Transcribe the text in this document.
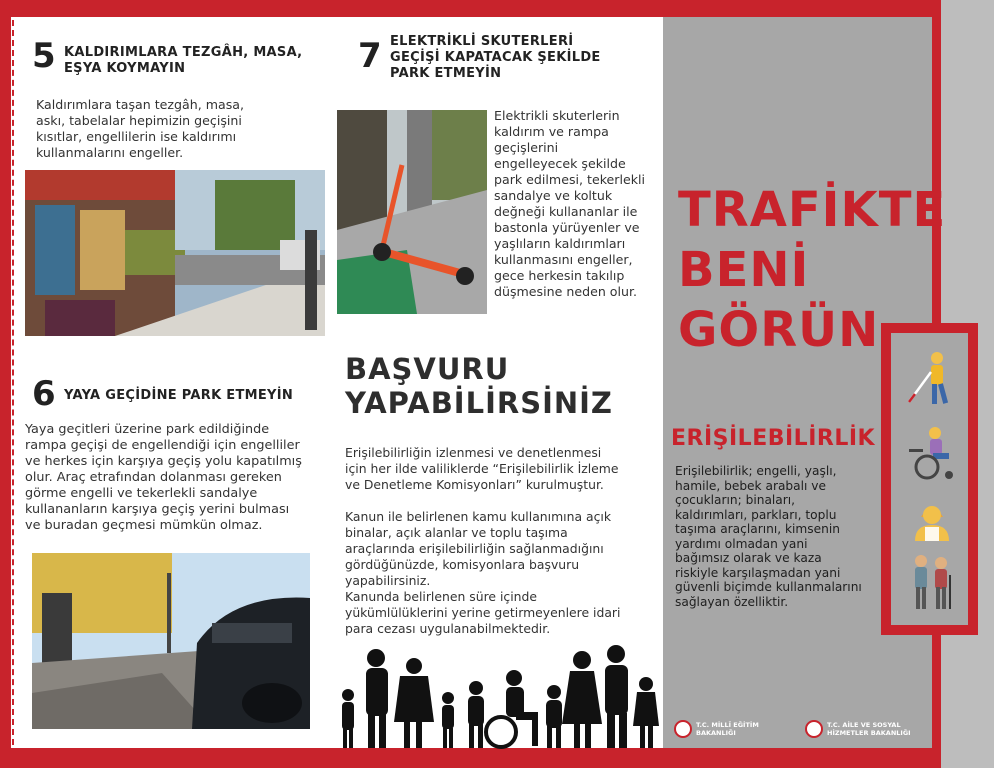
5 KALDIRIMLARA TEZGÂH, MASA,
EŞYA KOYMAYIN
Kaldırımlara taşan tezgâh, masa,
askı, tabelalar hepimizin geçişini
kısıtlar, engellilerin ise kaldırımı
kullanmalarını engeller.
6 YAYA GEÇİDİNE PARK ETMEYİN
Yaya geçitleri üzerine park edildiğinde
rampa geçişi de engellendiği için engelliler
ve herkes için karşıya geçiş yolu kapatılmış
olur. Araç etrafından dolanması gereken
görme engelli ve tekerlekli sandalye
kullananların karşıya geçiş yerini bulması
ve buradan geçmesi mümkün olmaz.
7 ELEKTRİKLİ SKUTERLERİ
GEÇİŞİ KAPATACAK ŞEKİLDE
PARK ETMEYİN
Elektrikli skuterlerin
kaldırım ve rampa
geçişlerini
engelleyecek şekilde
park edilmesi, tekerlekli
sandalye ve koltuk
değneği kullananlar ile
bastonla yürüyenler ve
yaşlıların kaldırımları
kullanmasını engeller,
gece herkesin takılıp
düşmesine neden olur.
BAŞVURU
YAPABİLİRSİNİZ
Erişilebilirliğin izlenmesi ve denetlenmesi
için her ilde valiliklerde “Erişilebilirlik İzleme
ve Denetleme Komisyonları” kurulmuştur.
Kanun ile belirlenen kamu kullanımına açık
binalar, açık alanlar ve toplu taşıma
araçlarında erişilebilirliğin sağlanmadığını
gördüğünüzde, komisyonlara başvuru
yapabilirsiniz.
Kanunda belirlenen süre içinde
yükümlülüklerini yerine getirmeyenlere idari
para cezası uygulanabilmektedir.
TRAFİKTE
BENİ
GÖRÜN
ERİŞİLEBİLİRLİK
Erişilebilirlik; engelli, yaşlı,
hamile, bebek arabalı ve
çocukların; binaları,
kaldırımları, parkları, toplu
taşıma araçlarını, kimsenin
yardımı olmadan yani
bağımsız olarak ve kaza
riskiyle karşılaşmadan yani
güvenli biçimde kullanmalarını
sağlayan özelliktir.
T.C. MİLLÎ EĞİTİM
BAKANLIĞI
T.C. AİLE VE SOSYAL
HİZMETLER BAKANLIĞI
